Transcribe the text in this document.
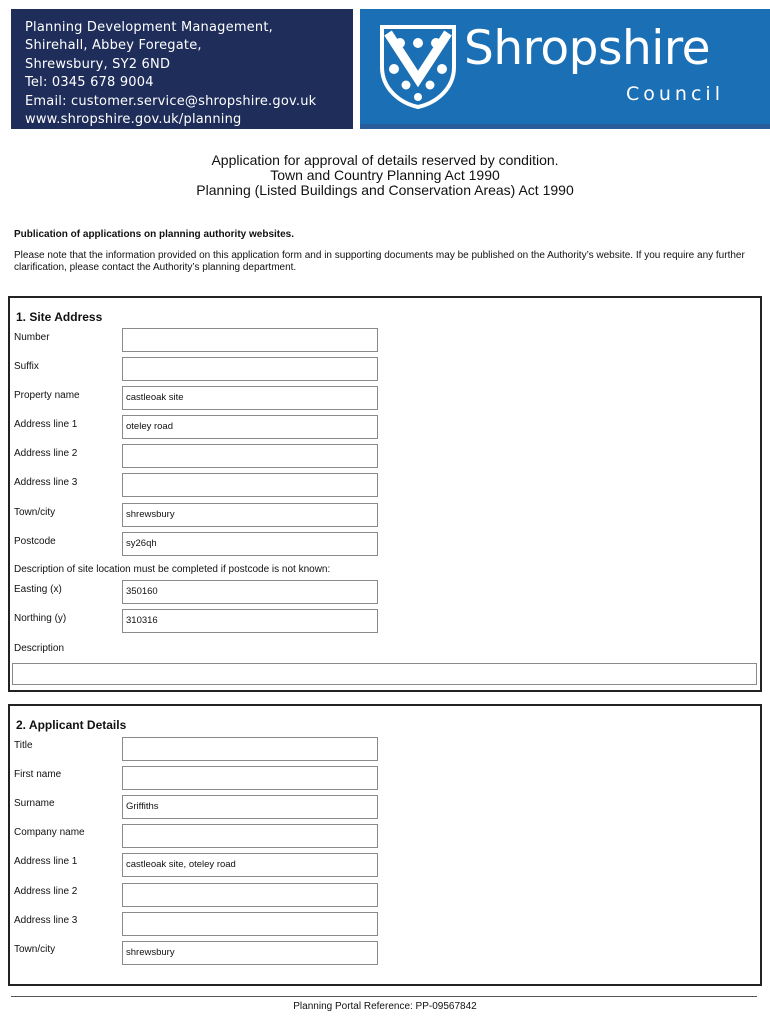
Planning Development Management,
Shirehall, Abbey Foregate,
Shrewsbury, SY2 6ND
Tel: 0345 678 9004
Email: customer.service@shropshire.gov.uk
www.shropshire.gov.uk/planning
Shropshire
Council
Application for approval of details reserved by condition.
Town and Country Planning Act 1990
Planning (Listed Buildings and Conservation Areas) Act 1990
Publication of applications on planning authority websites.
Please note that the information provided on this application form and in supporting documents may be published on the Authority’s website. If you require any further clarification, please contact the Authority’s planning department.
1. Site Address
Number
Suffix
Property name	castleoak site
Address line 1	oteley road
Address line 2
Address line 3
Town/city	shrewsbury
Postcode	sy26qh
Description of site location must be completed if postcode is not known:
Easting (x)	350160
Northing (y)	310316
Description
2. Applicant Details
Title
First name
Surname	Griffiths
Company name
Address line 1	castleoak site, oteley road
Address line 2
Address line 3
Town/city	shrewsbury
Planning Portal Reference: PP-09567842
